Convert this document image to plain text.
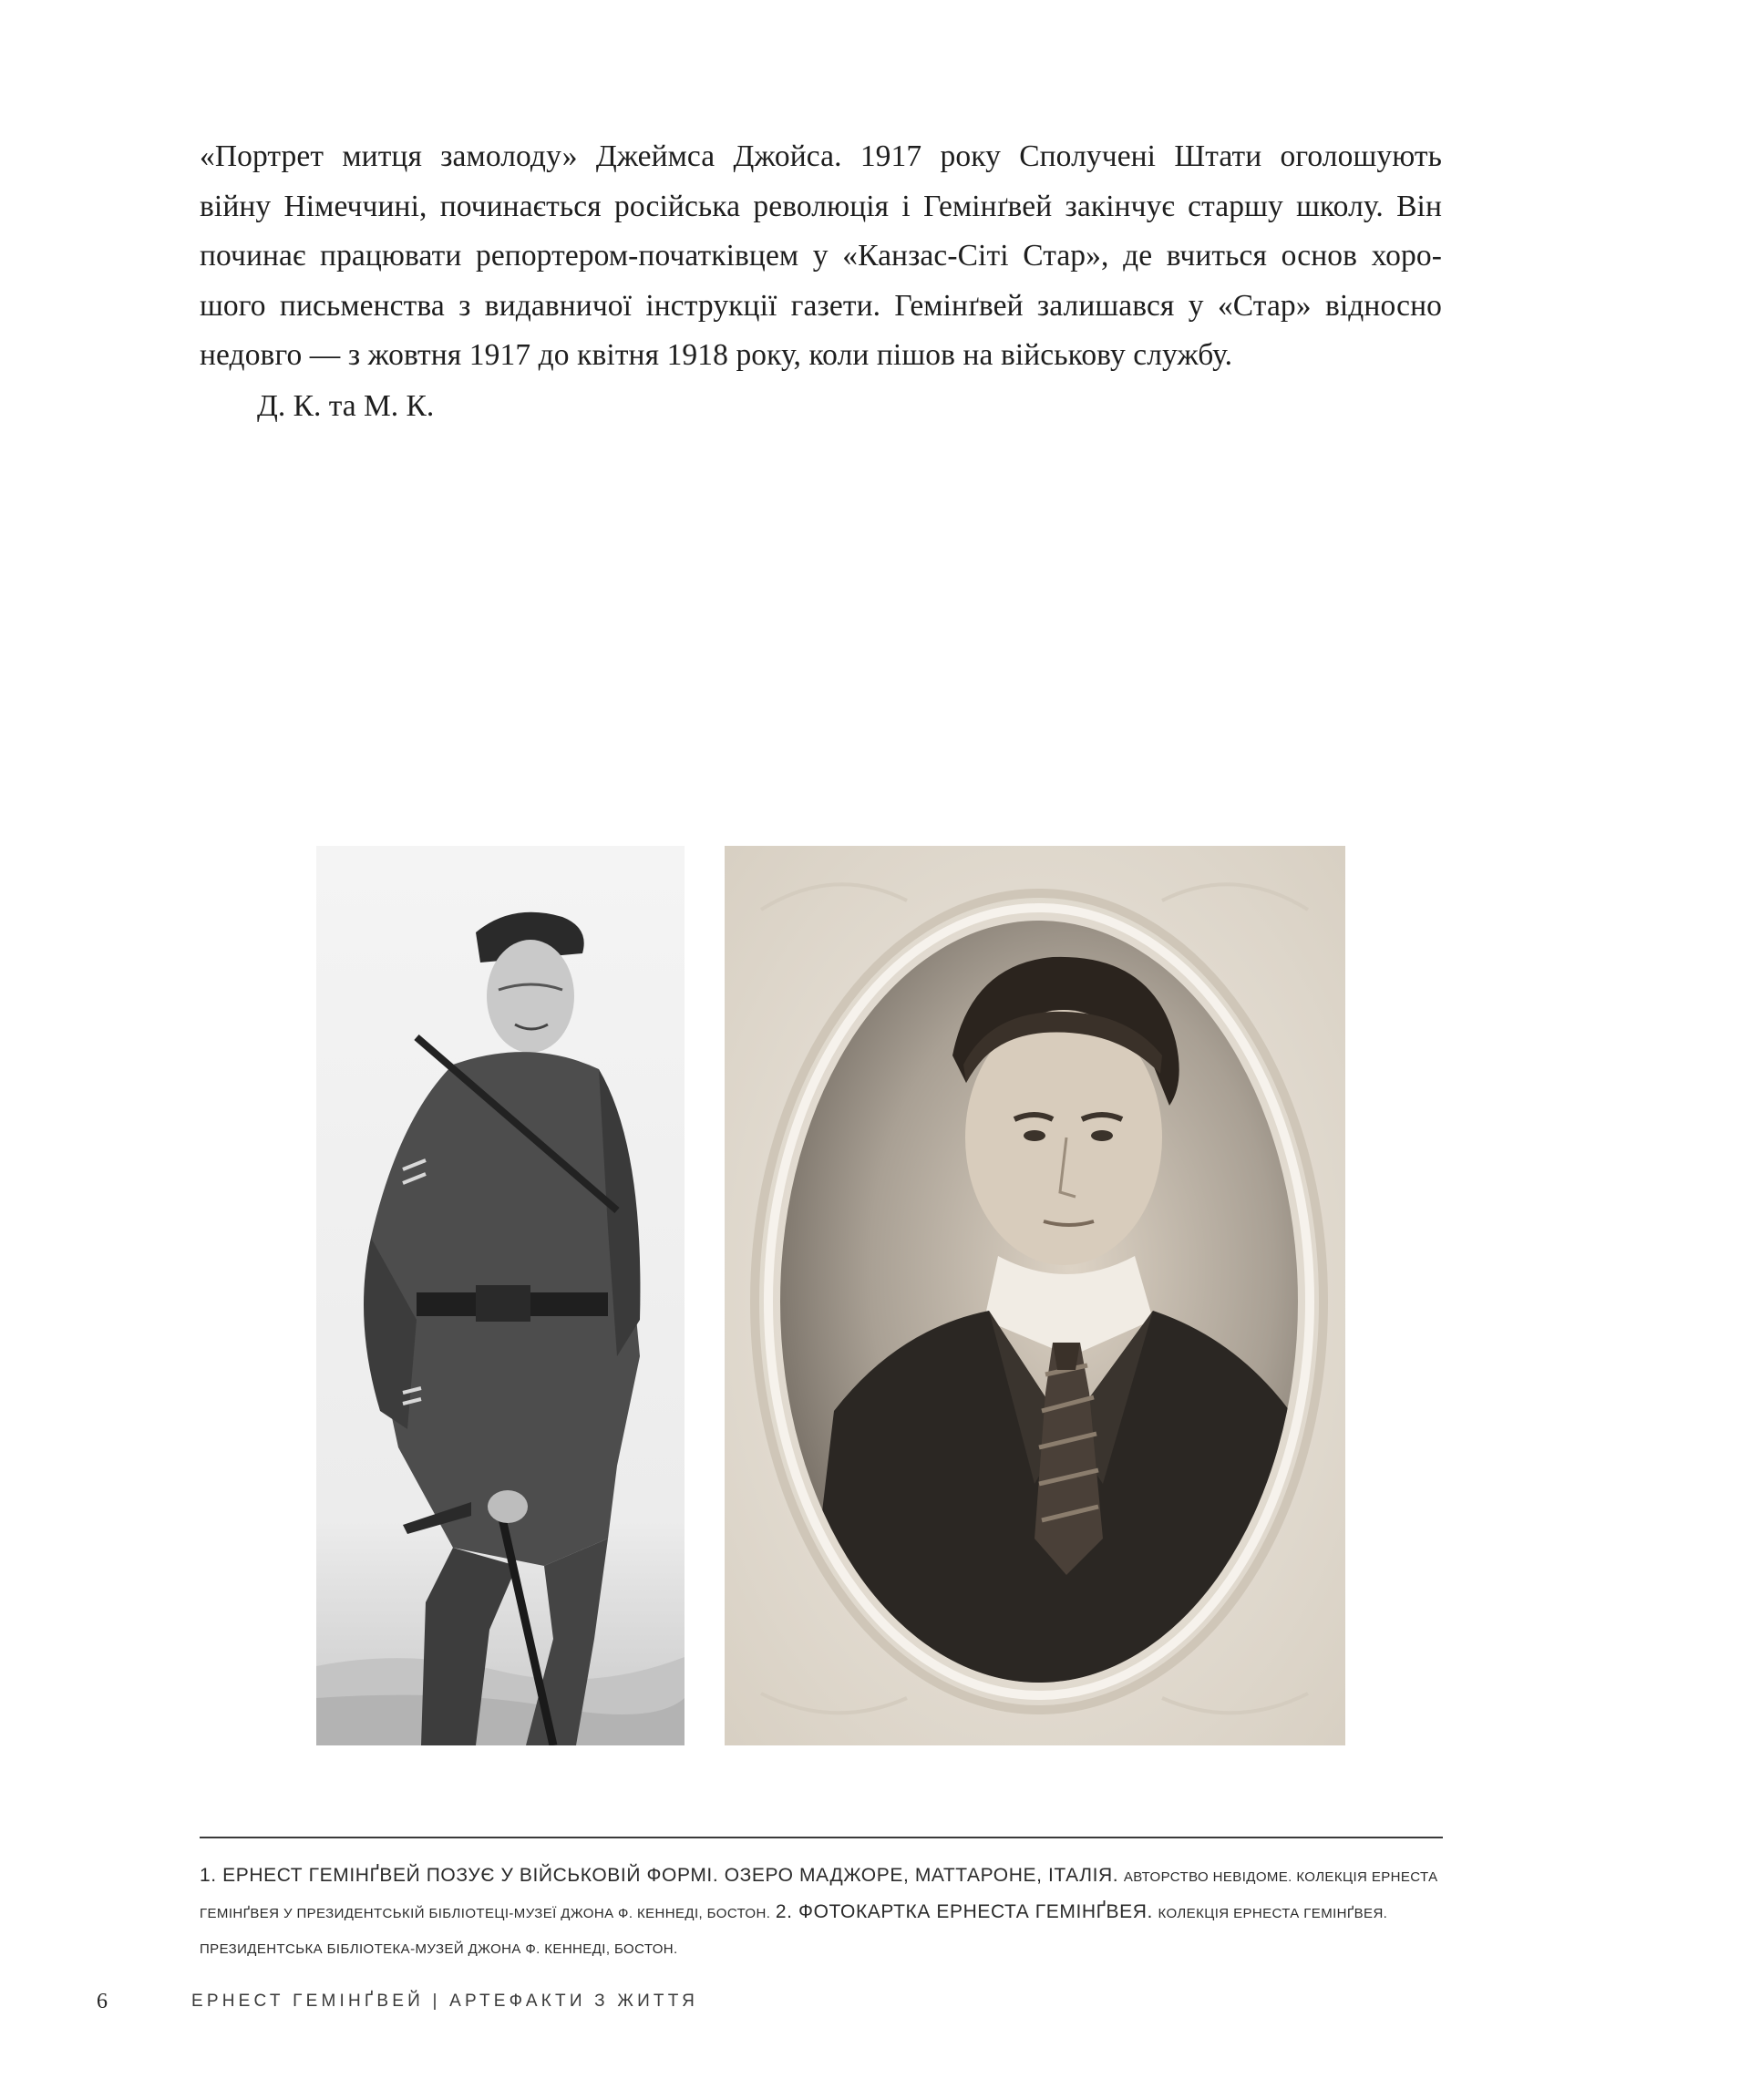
«Портрет митця замолоду» Джеймса Джойса. 1917 року Сполучені Штати оголошують
війну Німеччині, починається російська революція і Гемінґвей закінчує старшу школу. Він
починає працювати репортером-початківцем у «Канзас-Сіті Стар», де вчиться основ хоро-
шого письменства з видавничої інструкції газети. Гемінґвей залишався у «Стар» відносно
недовго — з жовтня 1917 до квітня 1918 року, коли пішов на військову службу.
Д. К. та М. К.

1. ЕРНЕСТ ГЕМІНҐВЕЙ ПОЗУЄ У ВІЙСЬКОВІЙ ФОРМІ. ОЗЕРО МАДЖОРЕ, МАТТАРОНЕ, ІТАЛІЯ. АВТОРСТВО НЕВІДОМЕ. КОЛЕКЦІЯ ЕРНЕСТА ГЕМІНҐВЕЯ У ПРЕЗИДЕНТСЬКІЙ БІБЛІОТЕЦІ-МУЗЕЇ ДЖОНА Ф. КЕННЕДІ, БОСТОН. 2. ФОТОКАРТКА ЕРНЕСТА ГЕМІНҐВЕЯ. КОЛЕКЦІЯ ЕРНЕСТА ГЕМІНҐВЕЯ. ПРЕЗИДЕНТСЬКА БІБЛІОТЕКА-МУЗЕЙ ДЖОНА Ф. КЕННЕДІ, БОСТОН.

6	ЕРНЕСТ ГЕМІНҐВЕЙ | АРТЕФАКТИ З ЖИТТЯ
